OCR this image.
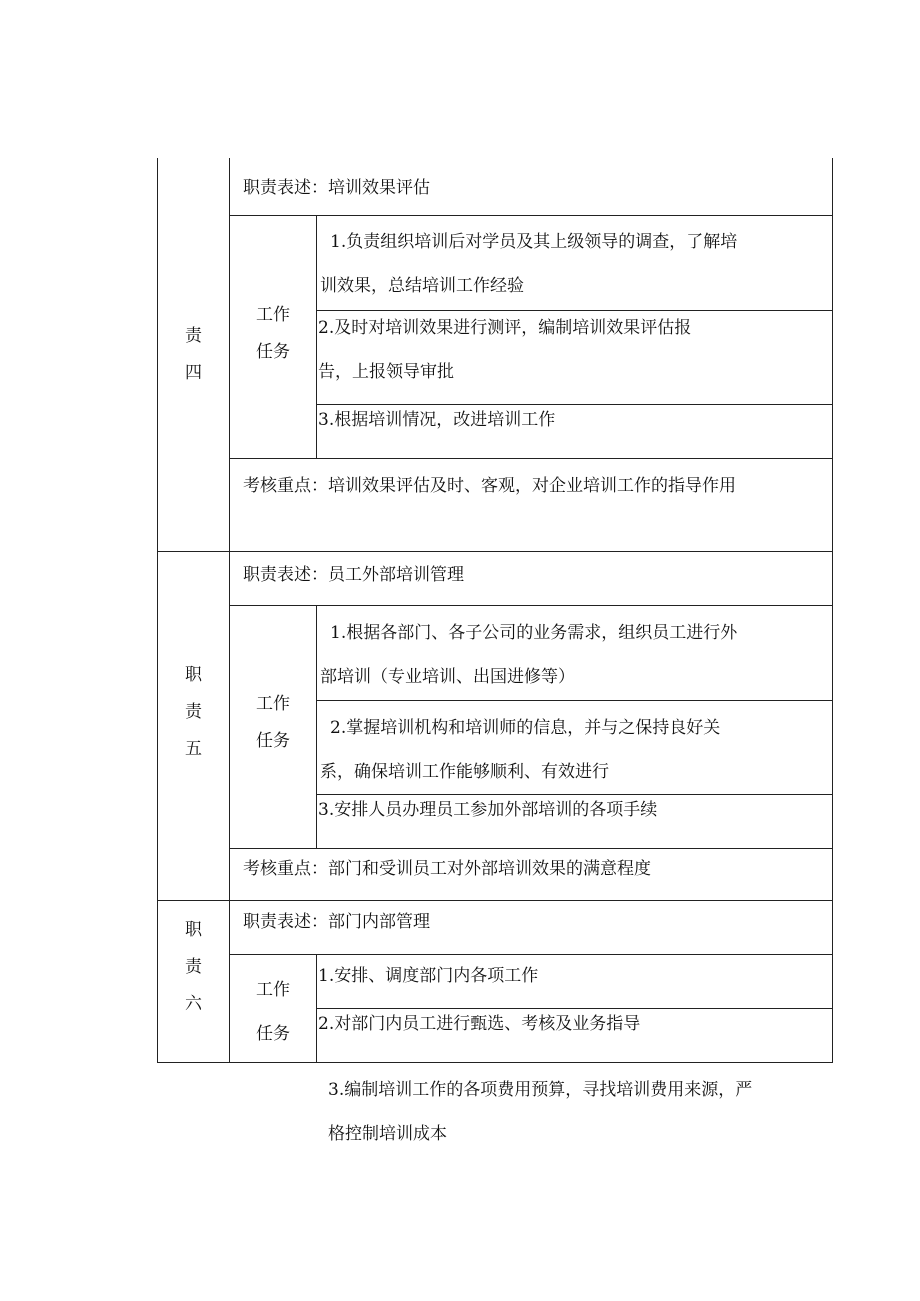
责
四
职责表述：培训效果评估
工作
任务
1.负责组织培训后对学员及其上级领导的调查，了解培
训效果，总结培训工作经验
2.及时对培训效果进行测评，编制培训效果评估报
告，上报领导审批
3.根据培训情况，改进培训工作
考核重点：培训效果评估及时、客观，对企业培训工作的指导作用
职
责
五
职责表述：员工外部培训管理
工作
任务
1.根据各部门、各子公司的业务需求，组织员工进行外
部培训（专业培训、出国进修等）
2.掌握培训机构和培训师的信息，并与之保持良好关
系，确保培训工作能够顺利、有效进行
3.安排人员办理员工参加外部培训的各项手续
考核重点：部门和受训员工对外部培训效果的满意程度
职
责
六
职责表述：部门内部管理
工作
任务
1.安排、调度部门内各项工作
2.对部门内员工进行甄选、考核及业务指导
3.编制培训工作的各项费用预算，寻找培训费用来源，严
格控制培训成本
